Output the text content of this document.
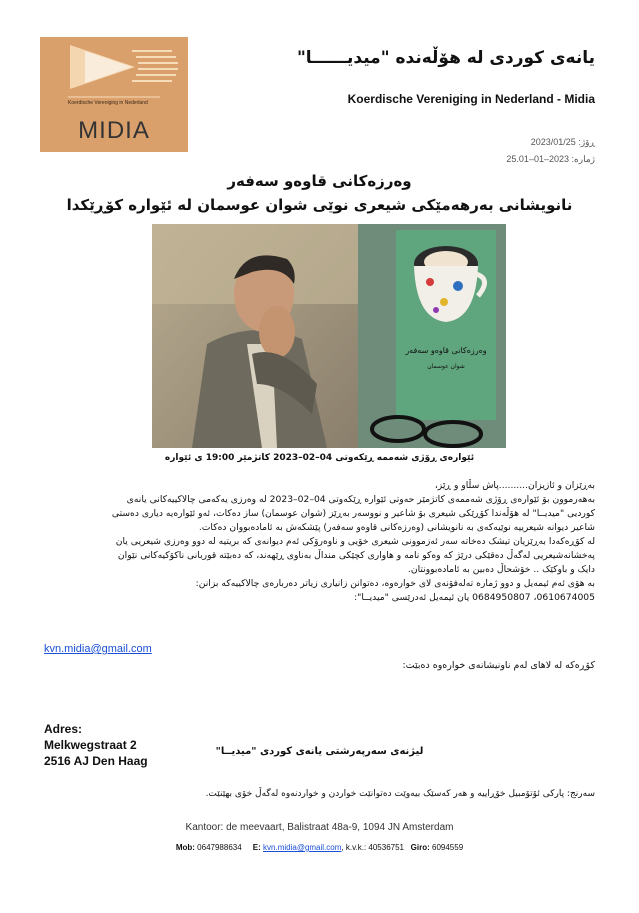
Koerdische Vereniging in Nederland
MIDIA
یانەی کوردی لە هۆڵەندە "میدیــــــا"
Koerdische Vereniging in Nederland - Midia
ڕۆژ: 2023/01/25
ژمارە: 2023–01–25.01
وەرزەکانی قاوەو سەفەر
نانویشانی بەرهەمێکی شیعری نوێی شوان عوسمان لە ئێوارە کۆڕێکدا
وەرزەکانی قاوەو سەفەر
شوان عوسمان
ئێوارەی ڕۆژی شەممە ڕێکەوتی 04–02–2023 کاتژمێر 19:00 ی ئێوارە

بەڕێزان و ئازیزان..........پاش سڵاو و ڕێز،

بەهەرموون بۆ ئێوارەی ڕۆژی شەممەی کاتژمێر حەوتی ئێوارە ڕێکەوتی 04–02–2023 لە وەرزی یەکەمی چالاکییەکانی یانەی

کوردیی "میدیــا" لە هۆڵەندا کۆڕێکی شیعری بۆ شاعیر و نووسەر بەڕێز (شوان عوسمان) ساز دەکات، ئەو ئێوارەیە دیاری دەستی

شاعیر دیوانە شیعرییە نوێیەکەی بە نانویشانی (وەرزەکانی قاوەو سەفەر) پێشکەش بە ئامادەبووان دەکات.

لە کۆڕەکەدا بەڕێزیان تیشک دەخاتە سەر ئەزموونی شیعری خۆیی و ناوەرۆکی ئەم دیوانەی کە بریتیە لە دوو وەرزی شیعریی یان

پەخشانەشیعریی لەگەڵ دەقێکی درێژ کە وەکو نامە و هاواری کچێکی منداڵ بەناوی ڕێهەند، کە دەبێتە قوربانی ناکۆکیەکانی نێوان

دایک و باوکێک .. خۆشحاڵ دەبین بە ئامادەبوونتان.

بە هۆی ئەم ئیمەیل و دوو ژمارە تەلەفۆنەی لای خوارەوە، دەتوانن زانیاری زیاتر دەربارەی چالاکییەکە بزانن:

0610674005، 0684950807 یان ئیمەیل ئەدرێسی "میدیــا":

kvn.midia@gmail.com
کۆڕەکە لە لاهای لەم ناونیشانەی خوارەوە دەبێت:
Adres:
Melkwegstraat 2
2516 AJ Den Haag
لیژنەی سەرپەرشتی یانەی کوردی "میدیــا"
سەرنج: پارکی ئۆتۆمبیل خۆڕاییە و هەر کەسێک بیەوێت دەتوانێت خواردن و خواردنەوە لەگەڵ خۆی بهێنێت.
Kantoor: de meevaart, Balistraat 48a-9, 1094 JN Amsterdam
Mob: 0647988634 E: kvn.midia@gmail.com, k.v.k.: 40536751 Giro: 6094559
